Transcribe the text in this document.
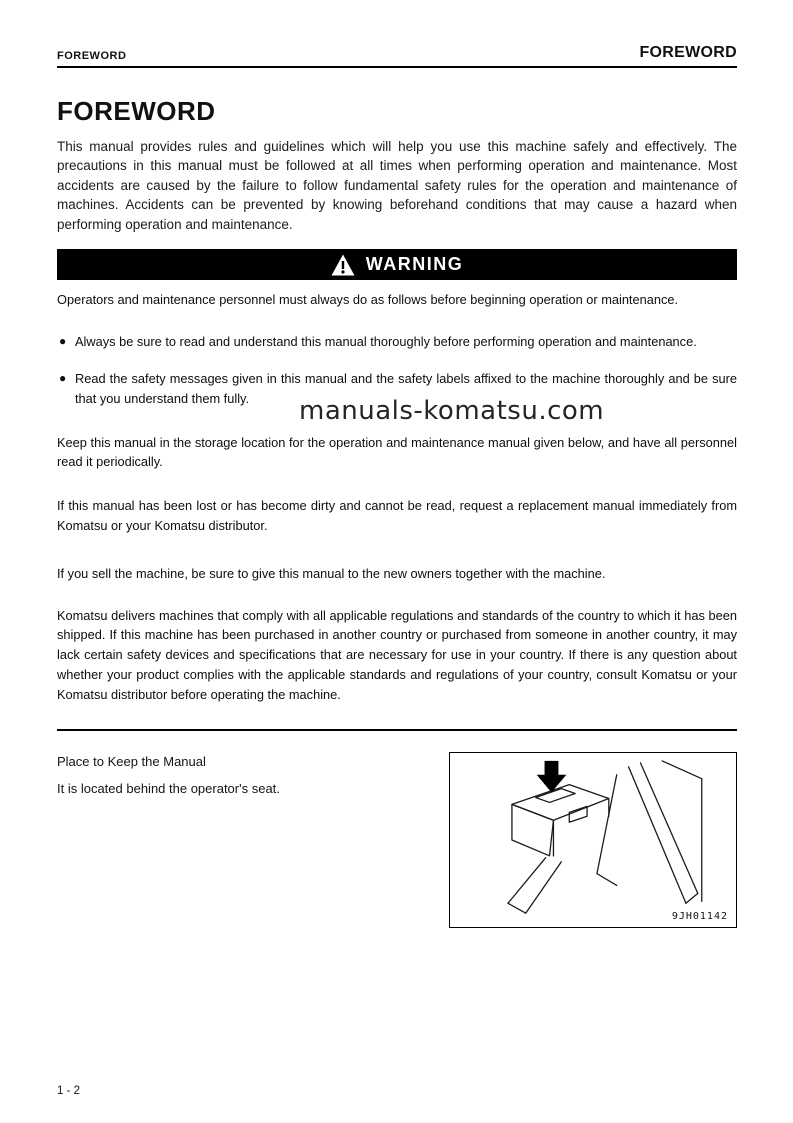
FOREWORD	FOREWORD
FOREWORD

This manual provides rules and guidelines which will help you use this machine safely and effectively. The precautions in this manual must be followed at all times when performing operation and maintenance. Most accidents are caused by the failure to follow fundamental safety rules for the operation and maintenance of machines. Accidents can be prevented by knowing beforehand conditions that may cause a hazard when performing operation and maintenance.

WARNING

Operators and maintenance personnel must always do as follows before beginning operation or maintenance.

● Always be sure to read and understand this manual thoroughly before performing operation and maintenance.
● Read the safety messages given in this manual and the safety labels affixed to the machine thoroughly and be sure that you understand them fully.

Keep this manual in the storage location for the operation and maintenance manual given below, and have all personnel read it periodically.

If this manual has been lost or has become dirty and cannot be read, request a replacement manual immediately from Komatsu or your Komatsu distributor.

If you sell the machine, be sure to give this manual to the new owners together with the machine.

Komatsu delivers machines that comply with all applicable regulations and standards of the country to which it has been shipped. If this machine has been purchased in another country or purchased from someone in another country, it may lack certain safety devices and specifications that are necessary for use in your country. If there is any question about whether your product complies with the applicable standards and regulations of your country, consult Komatsu or your Komatsu distributor before operating the machine.

Place to Keep the Manual

It is located behind the operator's seat.

9JH01142
manuals-komatsu.com
1 - 2
